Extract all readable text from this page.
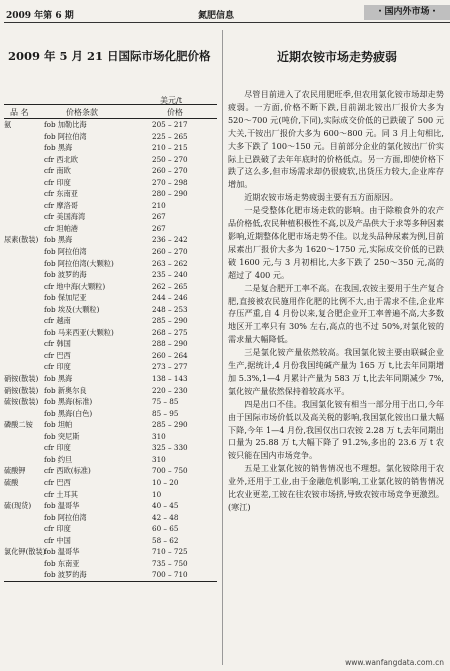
2009 年第 6 期	氮肥信息	・国内外市场・
2009 年 5 月 21 日国际市场化肥价格
美元/t
品 名	价格条款	价格
氨	fob 加勒比海	205 – 217
fob 阿拉伯湾	225 – 265
fob 黑海	210 – 215
cfr 西北欧	250 – 270
cfr 南欧	260 – 270
cfr 印度	270 – 298
cfr 东南亚	280 – 290
cfr 摩洛哥	210
cfr 美国海湾	267
cfr 坦帕港	267
尿素(散装) fob 黑海	236 – 242
fob 阿拉伯湾	260 – 270
fob 阿拉伯湾(大颗粒)	263 – 262
fob 波罗的海	235 – 240
cfr 地中海(大颗粒)	262 – 265
fob 保加尼亚	244 – 246
fob 埃及(大颗粒)	248 – 253
cfr 越南	285 – 290
fob 马来西亚(大颗粒)	268 – 275
cfr 韩国	288 – 290
cfr 巴西	260 – 264
cfr 印度	273 – 277
硝铵(散装) fob 黑海	138 – 143
硝铵(散装) fob 新奥尔良	220 – 230
硫铵(散装) fob 黑海(标准)	75 – 85
fob 黑海(白色)	85 – 95
磷酸二铵 fob 坦帕	285 – 290
fob 突尼斯	310
cfr 印度	325 – 330
fob 约旦	310
硫酸钾	cfr 西欧(标准)	700 – 750
硫酸	cfr 巴西	10 – 20
cfr 土耳其	10
硫(现货) fob 温哥华	40 – 45
fob 阿拉伯湾	42 – 48
cfr 印度	60 – 65
cfr 中国	58 – 62
氯化钾(散装)
fob 温哥华	710 – 725
fob 东南亚	735 – 750
fob 波罗的海	700 – 710
近期农铵市场走势疲弱

尽管目前进入了农民用肥旺季,但农用氯化铵市场却走势疲弱。一方面,价格不断下跌,目前湖北铵出厂报价大多为 520～700 元(吨价,下同),实际成交价低的已跌破了 500 元大关,干铵出厂报价大多为 600～800 元。同 3 月上旬相比,大多下跌了 100～150 元。目前部分企业的氯化铵出厂价实际上已跌破了去年年底时的价格低点。另一方面,即使价格下跌了这么多,但市场需求却仍很疲软,出货压力较大,企业库存增加。

近期农铵市场走势疲弱主要有五方面原因。

一是受整体化肥市场走软的影响。由于除粮食外的农产品价格低,农民种植积极性不高,以及产品供大于求等多种因素影响,近期整体化肥市场走势不佳。以龙头品种尿素为例,目前尿素出厂报价大多为 1620～1750 元,实际成交价低的已跌破 1600 元,与 3 月初相比,大多下跌了 250～350 元,高的超过了 400 元。

二是复合肥开工率不高。在我国,农铵主要用于生产复合肥,直接被农民施用作化肥的比例不大,由于需求不佳,企业库存压严重,自 4 月份以来,复合肥企业开工率普遍不高,大多数地区开工率只有 30% 左右,高点的也不过 50%,对氯化铵的需求量大幅降低。

三是氯化铵产量依然较高。我国氯化铵主要由联碱企业生产,据统计,4 月份我国纯碱产量为 165 万 t,比去年同期增加 5.3%,1—4 月累计产量为 583 万 t,比去年同期减少 7%,氯化铵产量依然保持着较高水平。

四是出口不佳。我国氯化铵有相当一部分用于出口,今年由于国际市场价低以及高关税的影响,我国氯化铵出口量大幅下降,今年 1—4 月份,我国仅出口农铵 2.28 万 t,去年同期出口量为 25.88 万 t,大幅下降了 91.2%,多出的 23.6 万 t 农铵只能在国内市场竞争。

五是工业氯化铵的销售情况也不理想。氯化铵除用于农业外,还用于工业,由于金融危机影响,工业氯化铵的销售情况比农业更差,工铵在往农铵市场挤,导致农铵市场竞争更激烈。(寒江)

www.wanfangdata.com.cn
